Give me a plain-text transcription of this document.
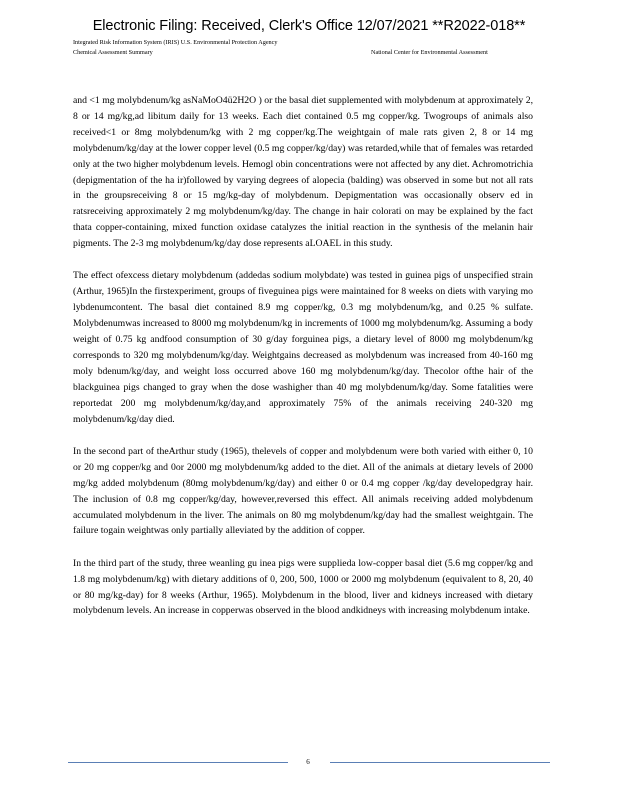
Electronic Filing: Received, Clerk's Office 12/07/2021 **R2022-018**
Integrated Risk Information System (IRIS) U.S. Environmental Protection Agency
Chemical Assessment Summary	National Center for Environmental Assessment

and <1 mg molybdenum/kg asNaMoO4ü2H2O ) or the basal diet supplemented with molybdenum at approximately 2, 8 or 14 mg/kg,ad libitum daily for 13 weeks. Each diet contained 0.5 mg copper/kg. Twogroups of animals also received<1 or 8mg molybdenum/kg with 2 mg copper/kg.The weightgain of male rats given 2, 8 or 14 mg molybdenum/kg/day at the lower copper level (0.5 mg copper/kg/day) was retarded,while that of females was retarded only at the two higher molybdenum levels. Hemogl obin concentrations were not affected by any diet. Achromotrichia (depigmentation of the ha ir)followed by varying degrees of alopecia (balding) was observed in some but not all rats in the groupsreceiving 8 or 15 mg/kg-day of molybdenum. Depigmentation was occasionally observ ed in ratsreceiving approximately 2 mg molybdenum/kg/day. The change in hair colorati on may be explained by the fact thata copper-containing, mixed function oxidase catalyzes the initial reaction in the synthesis of the melanin hair pigments. The 2-3 mg molybdenum/kg/day dose represents aLOAEL in this study.

The effect ofexcess dietary molybdenum (addedas sodium molybdate) was tested in guinea pigs of unspecified strain (Arthur, 1965)In the firstexperiment, groups of fiveguinea pigs were maintained for 8 weeks on diets with varying mo lybdenumcontent. The basal diet contained 8.9 mg copper/kg, 0.3 mg molybdenum/kg, and 0.25 % sulfate. Molybdenumwas increased to 8000 mg molybdenum/kg in increments of 1000 mg molybdenum/kg. Assuming a body weight of 0.75 kg andfood consumption of 30 g/day forguinea pigs, a dietary level of 8000 mg molybdenum/kg corresponds to 320 mg molybdenum/kg/day. Weightgains decreased as molybdenum was increased from 40-160 mg moly bdenum/kg/day, and weight loss occurred above 160 mg molybdenum/kg/day. Thecolor ofthe hair of the blackguinea pigs changed to gray when the dose washigher than 40 mg molybdenum/kg/day. Some fatalities were reportedat 200 mg molybdenum/kg/day,and approximately 75% of the animals receiving 240-320 mg molybdenum/kg/day died.

In the second part of theArthur study (1965), thelevels of copper and molybdenum were both varied with either 0, 10 or 20 mg copper/kg and 0or 2000 mg molybdenum/kg added to the diet. All of the animals at dietary levels of 2000 mg/kg added molybdenum (80mg molybdenum/kg/day) and either 0 or 0.4 mg copper /kg/day developedgray hair. The inclusion of 0.8 mg copper/kg/day, however,reversed this effect. All animals receiving added molybdenum accumulated molybdenum in the liver. The animals on 80 mg molybdenum/kg/day had the smallest weightgain. The failure togain weightwas only partially alleviated by the addition of copper.

In the third part of the study, three weanling gu inea pigs were supplieda low-copper basal diet (5.6 mg copper/kg and 1.8 mg molybdenum/kg) with dietary additions of 0, 200, 500, 1000 or 2000 mg molybdenum (equivalent to 8, 20, 40 or 80 mg/kg-day) for 8 weeks (Arthur, 1965). Molybdenum in the blood, liver and kidneys increased with dietary molybdenum levels. An increase in copperwas observed in the blood andkidneys with increasing molybdenum intake.

6
